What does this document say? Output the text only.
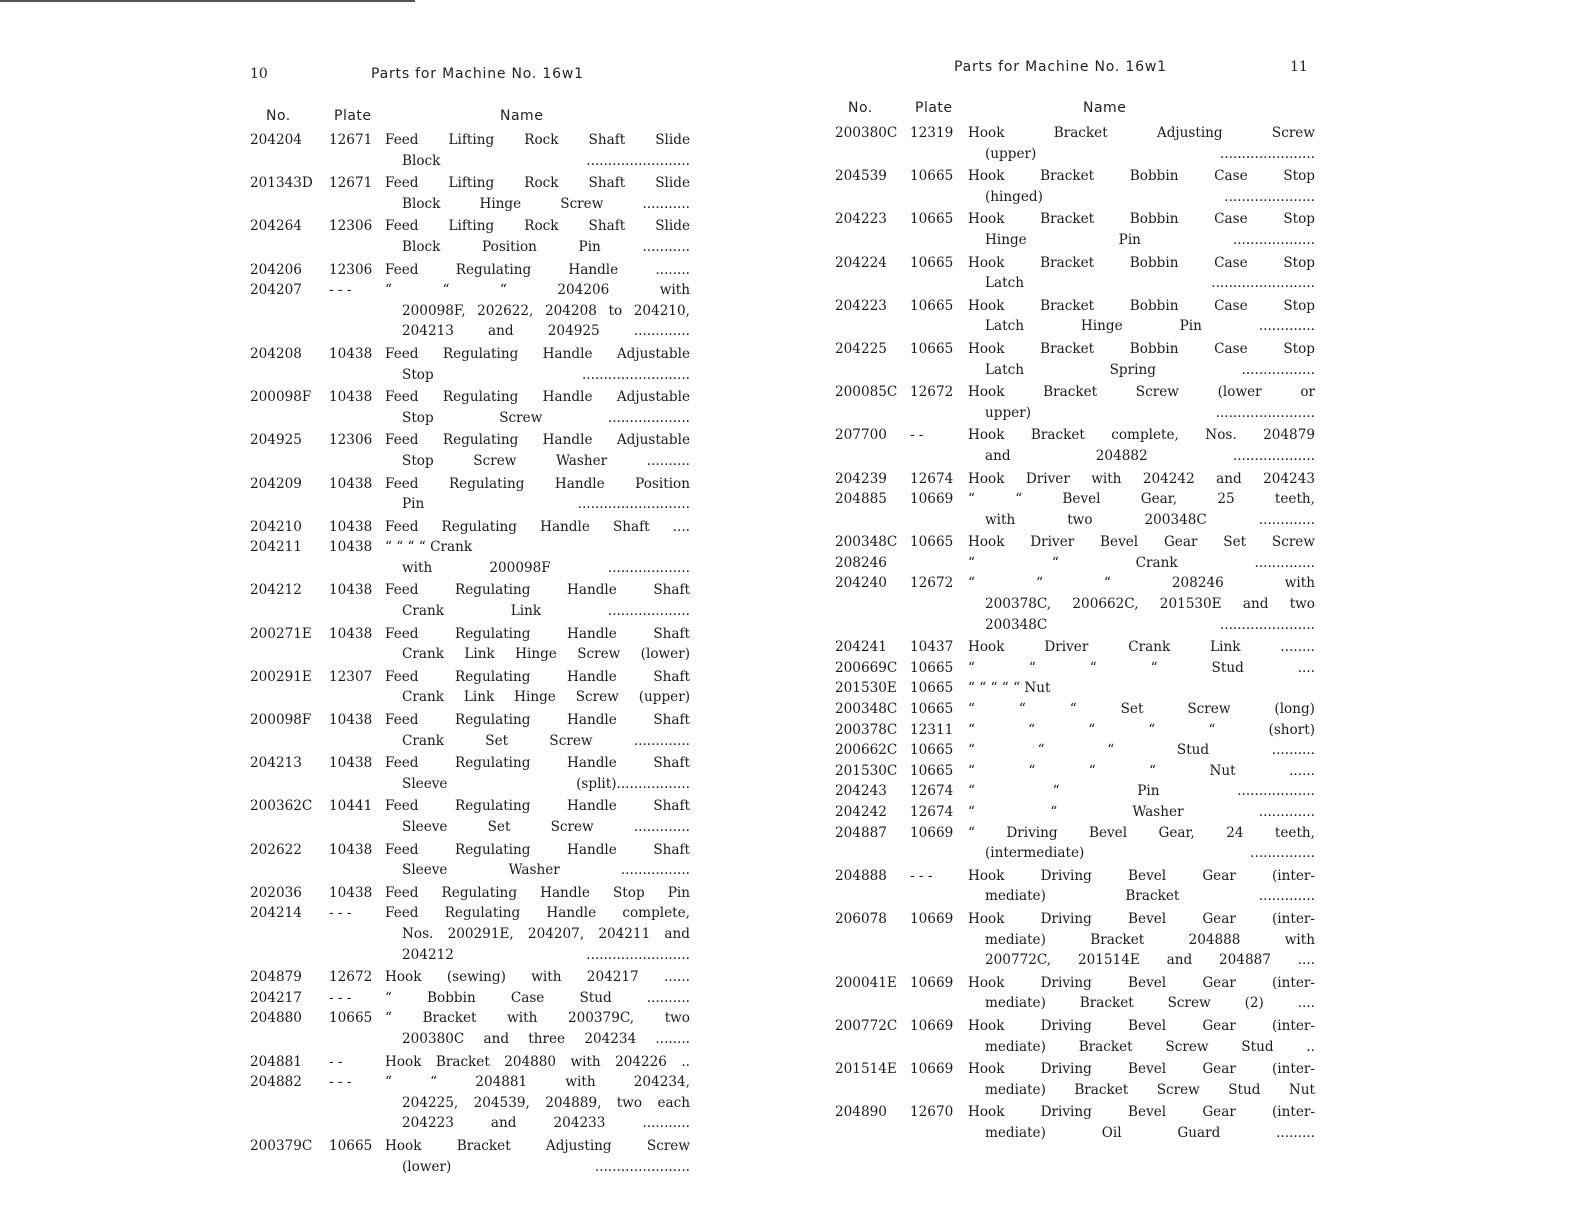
10	Parts for Machine No. 16w1
No.	Plate	Name
204204	12671 Feed Lifting Rock Shaft Slide
Block ........................
201343D	12671 Feed Lifting Rock Shaft Slide
Block Hinge Screw ...........
204264	12306 Feed Lifting Rock Shaft Slide
Block Position Pin ...........
204206	12306 Feed Regulating Handle ........
204207	- - -	“ “ “ 204206 with
200098F, 202622, 204208 to 204210,
204213 and 204925 .............
204208	10438 Feed Regulating Handle Adjustable
Stop .........................
200098F	10438 Feed Regulating Handle Adjustable
Stop Screw ...................
204925	12306 Feed Regulating Handle Adjustable
Stop Screw Washer ..........
204209	10438 Feed Regulating Handle Position
Pin ..........................
204210	10438 Feed Regulating Handle Shaft ....
204211	10438 “ “ “ “ Crank
with 200098F ...................
204212	10438 Feed Regulating Handle Shaft
Crank Link ...................
200271E	10438 Feed Regulating Handle Shaft
Crank Link Hinge Screw (lower)
200291E	12307 Feed Regulating Handle Shaft
Crank Link Hinge Screw (upper)
200098F	10438 Feed Regulating Handle Shaft
Crank Set Screw .............
204213	10438 Feed Regulating Handle Shaft
Sleeve (split).................
200362C	10441 Feed Regulating Handle Shaft
Sleeve Set Screw .............
202622	10438 Feed Regulating Handle Shaft
Sleeve Washer ................
202036	10438 Feed Regulating Handle Stop Pin
204214	- - -	Feed Regulating Handle complete,
Nos. 200291E, 204207, 204211 and
204212 ........................
204879	12672 Hook (sewing) with 204217 ......
204217	- - -	“ Bobbin Case Stud ..........
204880	10665 “ Bracket with 200379C, two
200380C and three 204234 ........
204881	- -	Hook Bracket 204880 with 204226 ..
204882	- - -	“ “ 204881 with 204234,
204225, 204539, 204889, two each
204223 and 204233 ...........
200379C	10665 Hook Bracket Adjusting Screw
(lower) ......................
Parts for Machine No. 16w1	11
No.	Plate	Name
200380C 12319	Hook Bracket Adjusting Screw
(upper) ......................
204539	10665	Hook Bracket Bobbin Case Stop
(hinged) .....................
204223	10665	Hook Bracket Bobbin Case Stop
Hinge Pin ...................
204224	10665	Hook Bracket Bobbin Case Stop
Latch ........................
204223	10665	Hook Bracket Bobbin Case Stop
Latch Hinge Pin .............
204225	10665	Hook Bracket Bobbin Case Stop
Latch Spring .................
200085C 12672	Hook Bracket Screw (lower or
upper) .......................
207700	- -	Hook Bracket complete, Nos. 204879
and 204882 ...................
204239	12674	Hook Driver with 204242 and 204243
204885	10669	“ “ Bevel Gear, 25 teeth,
with two 200348C .............
200348C 10665	Hook Driver Bevel Gear Set Screw
208246	“ “ Crank ..............
204240	12672	“ “ “ 208246 with
200378C, 200662C, 201530E and two
200348C ......................
204241	10437	Hook Driver Crank Link ........
200669C 10665	“ “ “ “ Stud ....
201530E 10665	“ “ “ “ “ Nut
200348C 10665	“ “ “ Set Screw (long)
200378C 12311	“ “ “ “ “ (short)
200662C 10665	“ “ “ Stud ..........
201530C 10665	“ “ “ “ Nut ......
204243	12674	“ “ Pin ..................
204242	12674	“ “ Washer .............
204887	10669	“ Driving Bevel Gear, 24 teeth,
(intermediate) ...............
204888	- - -	Hook Driving Bevel Gear (inter-
mediate) Bracket .............
206078	10669	Hook Driving Bevel Gear (inter-
mediate) Bracket 204888 with
200772C, 201514E and 204887 ....
200041E 10669	Hook Driving Bevel Gear (inter-
mediate) Bracket Screw (2) ....
200772C 10669	Hook Driving Bevel Gear (inter-
mediate) Bracket Screw Stud ..
201514E 10669	Hook Driving Bevel Gear (inter-
mediate) Bracket Screw Stud Nut
204890	12670	Hook Driving Bevel Gear (inter-
mediate) Oil Guard .........
